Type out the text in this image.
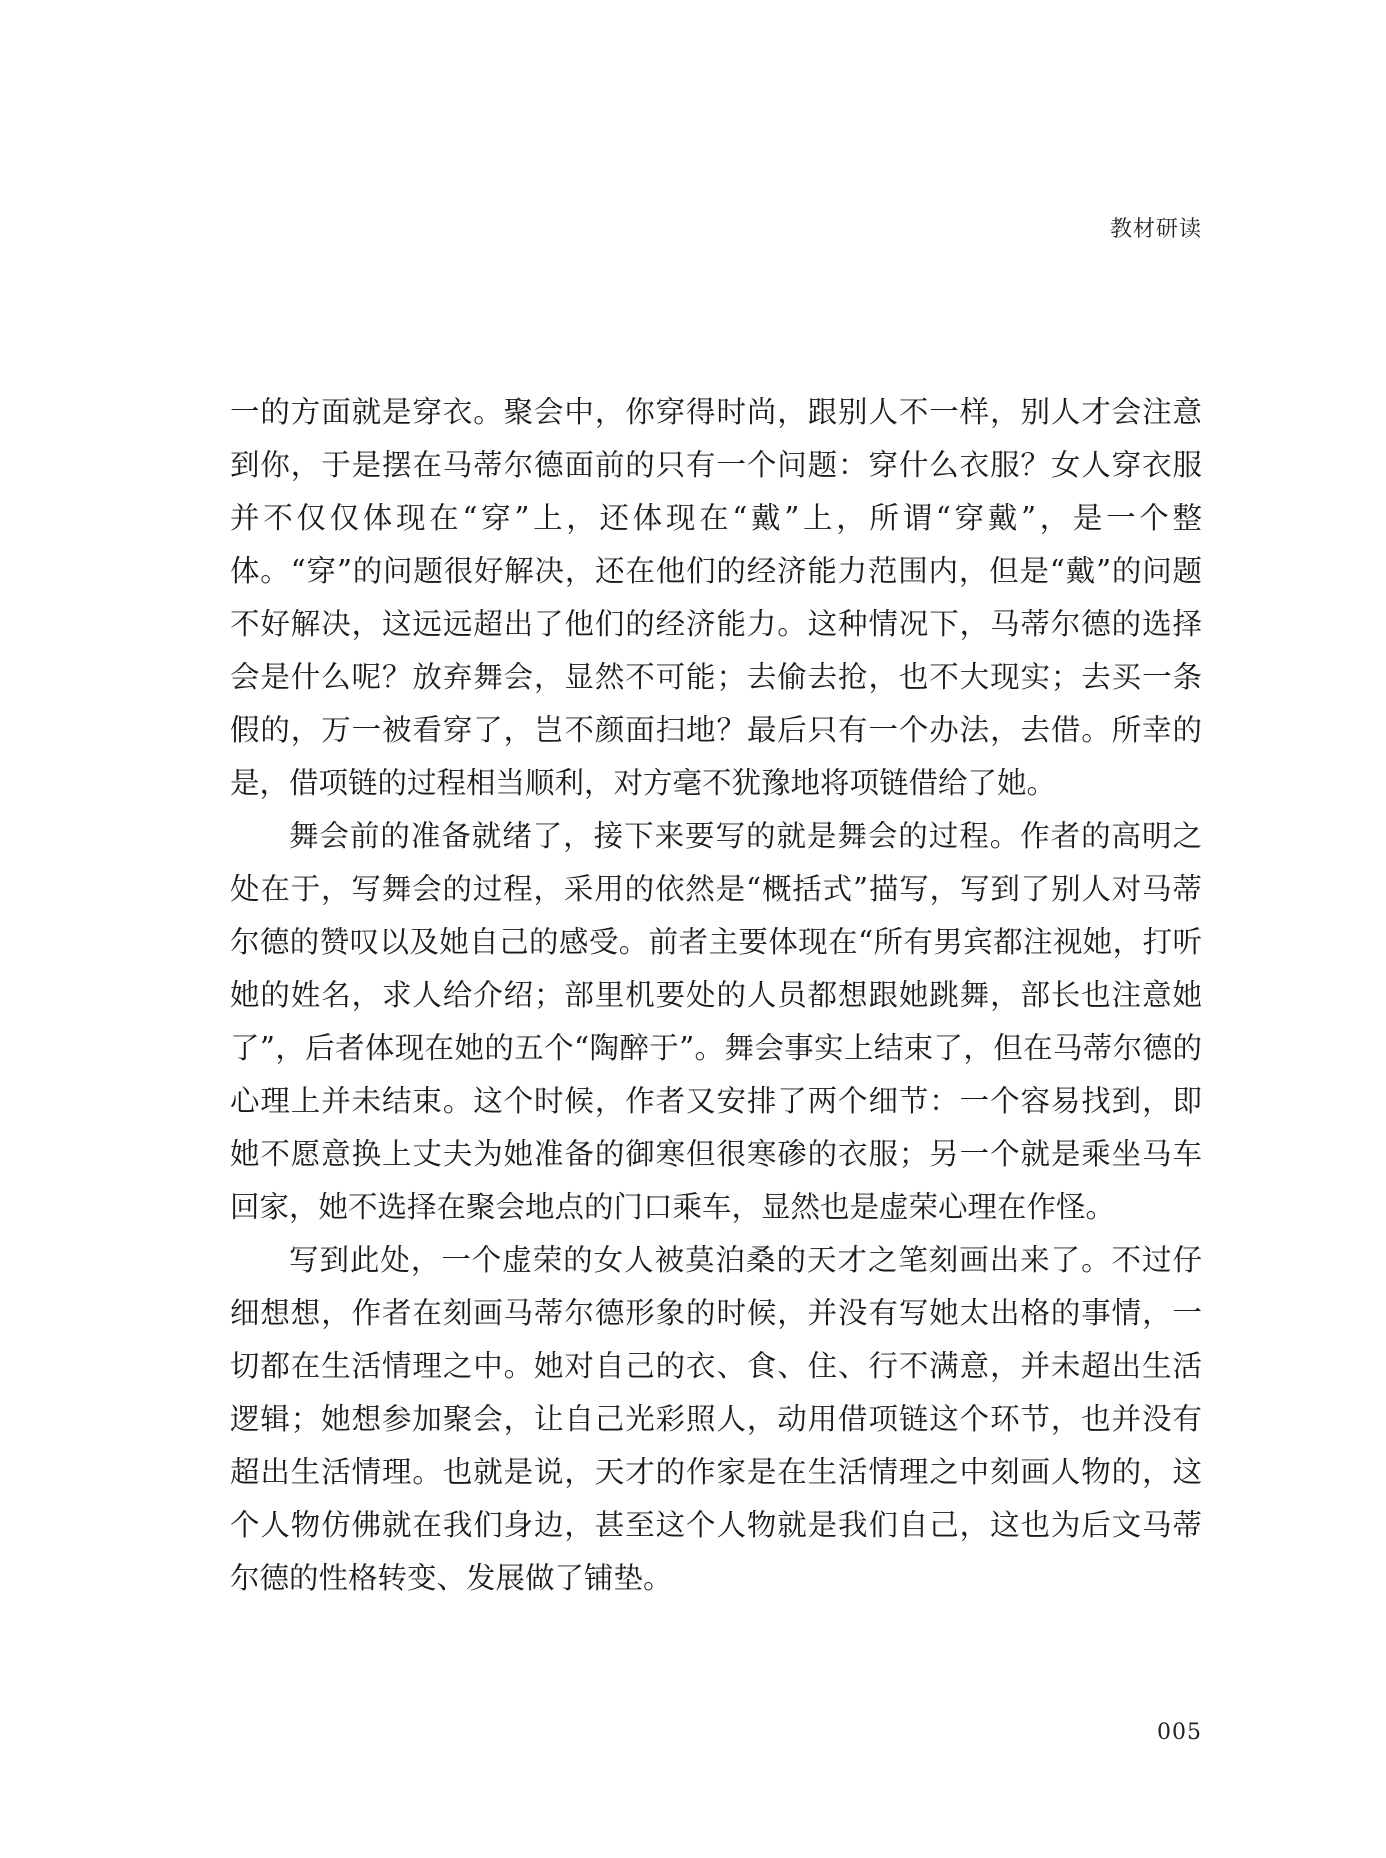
教材研读

一的方面就是穿衣。聚会中，你穿得时尚，跟别人不一样，别人才会注意到你，于是摆在马蒂尔德面前的只有一个问题：穿什么衣服？女人穿衣服并不仅仅体现在“穿”上，还体现在“戴”上，所谓“穿戴”，是一个整体。“穿”的问题很好解决，还在他们的经济能力范围内，但是“戴”的问题不好解决，这远远超出了他们的经济能力。这种情况下，马蒂尔德的选择会是什么呢？放弃舞会，显然不可能；去偷去抢，也不大现实；去买一条假的，万一被看穿了，岂不颜面扫地？最后只有一个办法，去借。所幸的是，借项链的过程相当顺利，对方毫不犹豫地将项链借给了她。

舞会前的准备就绪了，接下来要写的就是舞会的过程。作者的高明之处在于，写舞会的过程，采用的依然是“概括式”描写，写到了别人对马蒂尔德的赞叹以及她自己的感受。前者主要体现在“所有男宾都注视她，打听她的姓名，求人给介绍；部里机要处的人员都想跟她跳舞，部长也注意她了”，后者体现在她的五个“陶醉于”。舞会事实上结束了，但在马蒂尔德的心理上并未结束。这个时候，作者又安排了两个细节：一个容易找到，即她不愿意换上丈夫为她准备的御寒但很寒碜的衣服；另一个就是乘坐马车回家，她不选择在聚会地点的门口乘车，显然也是虚荣心理在作怪。

写到此处，一个虚荣的女人被莫泊桑的天才之笔刻画出来了。不过仔细想想，作者在刻画马蒂尔德形象的时候，并没有写她太出格的事情，一切都在生活情理之中。她对自己的衣、食、住、行不满意，并未超出生活逻辑；她想参加聚会，让自己光彩照人，动用借项链这个环节，也并没有超出生活情理。也就是说，天才的作家是在生活情理之中刻画人物的，这个人物仿佛就在我们身边，甚至这个人物就是我们自己，这也为后文马蒂尔德的性格转变、发展做了铺垫。

005
